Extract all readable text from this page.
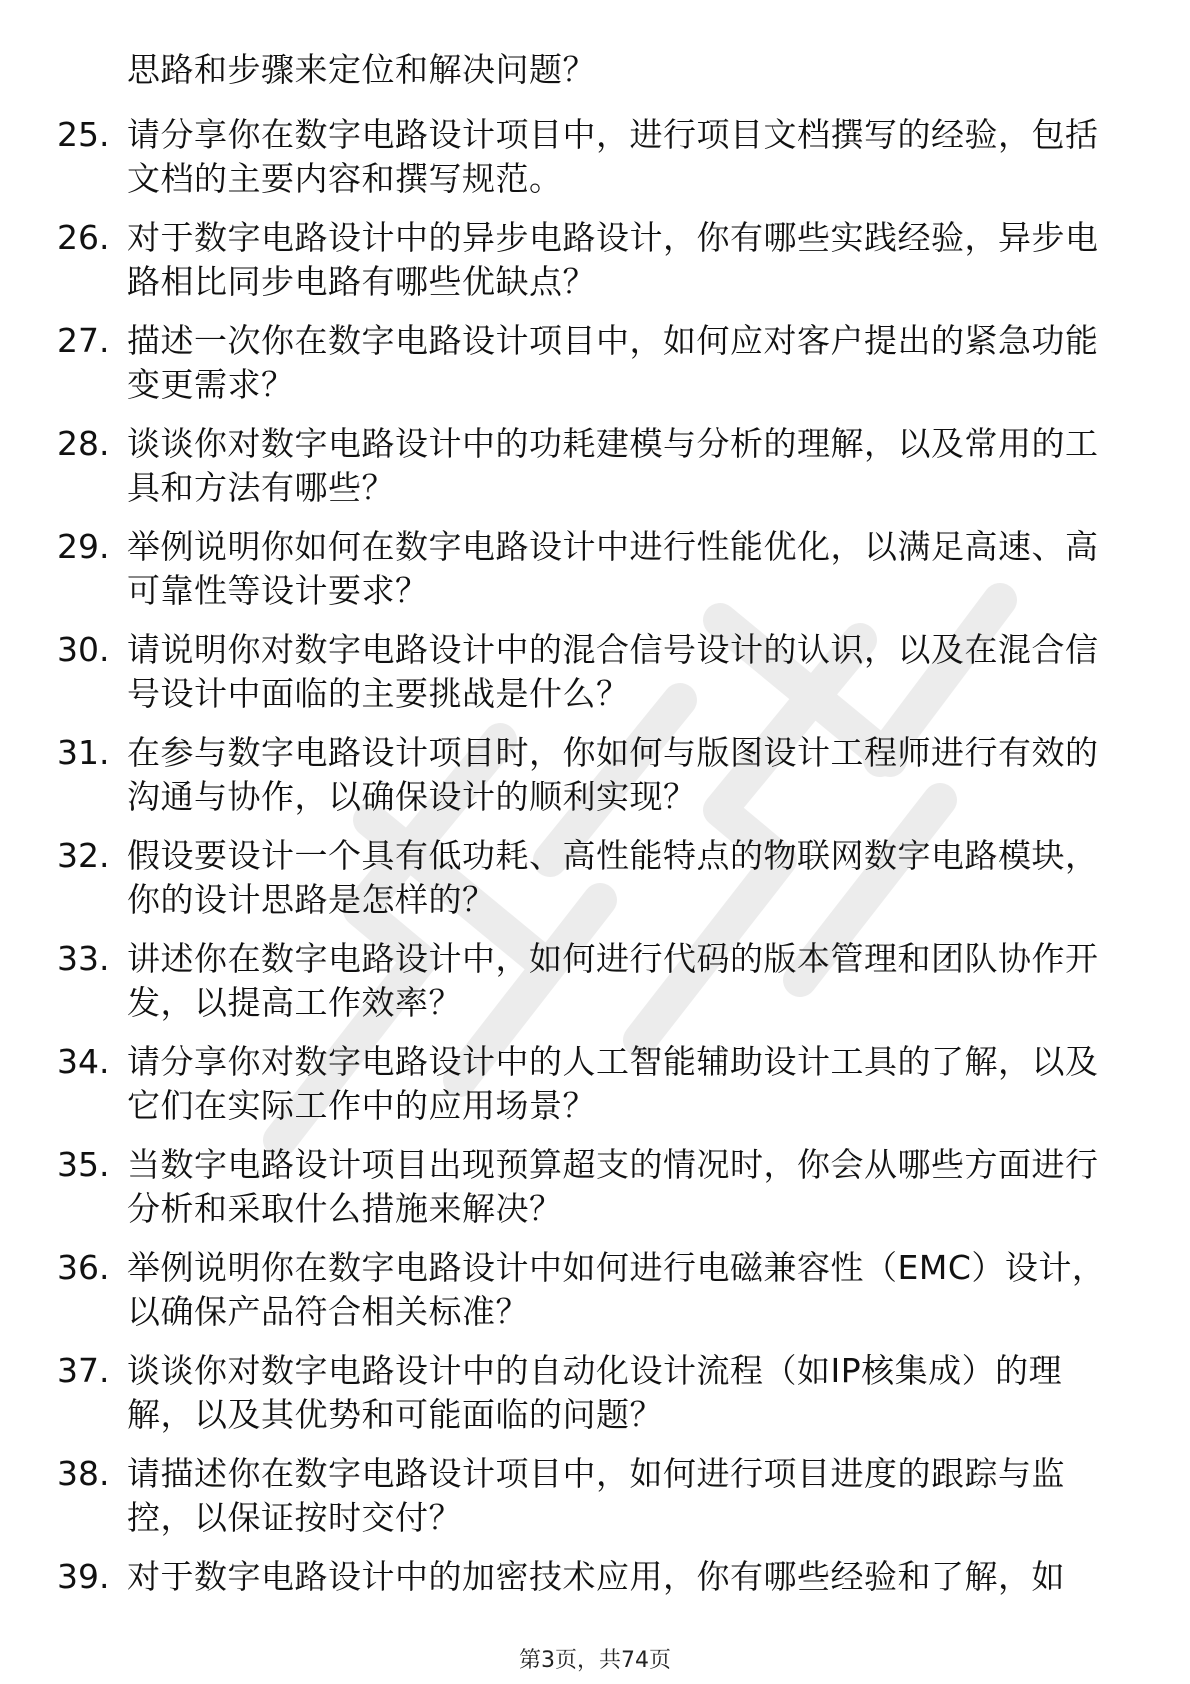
思路和步骤来定位和解决问题？
25. 请分享你在数字电路设计项目中，进行项目文档撰写的经验，包括文档的主要内容和撰写规范。
26. 对于数字电路设计中的异步电路设计，你有哪些实践经验，异步电路相比同步电路有哪些优缺点？
27. 描述一次你在数字电路设计项目中，如何应对客户提出的紧急功能变更需求？
28. 谈谈你对数字电路设计中的功耗建模与分析的理解，以及常用的工具和方法有哪些？
29. 举例说明你如何在数字电路设计中进行性能优化，以满足高速、高可靠性等设计要求？
30. 请说明你对数字电路设计中的混合信号设计的认识，以及在混合信号设计中面临的主要挑战是什么？
31. 在参与数字电路设计项目时，你如何与版图设计工程师进行有效的沟通与协作，以确保设计的顺利实现？
32. 假设要设计一个具有低功耗、高性能特点的物联网数字电路模块，你的设计思路是怎样的？
33. 讲述你在数字电路设计中，如何进行代码的版本管理和团队协作开发，以提高工作效率？
34. 请分享你对数字电路设计中的人工智能辅助设计工具的了解，以及它们在实际工作中的应用场景？
35. 当数字电路设计项目出现预算超支的情况时，你会从哪些方面进行分析和采取什么措施来解决？
36. 举例说明你在数字电路设计中如何进行电磁兼容性（EMC）设计，以确保产品符合相关标准？
37. 谈谈你对数字电路设计中的自动化设计流程（如IP核集成）的理解，以及其优势和可能面临的问题？
38. 请描述你在数字电路设计项目中，如何进行项目进度的跟踪与监控，以保证按时交付？
39. 对于数字电路设计中的加密技术应用，你有哪些经验和了解，如
第3页，共74页
